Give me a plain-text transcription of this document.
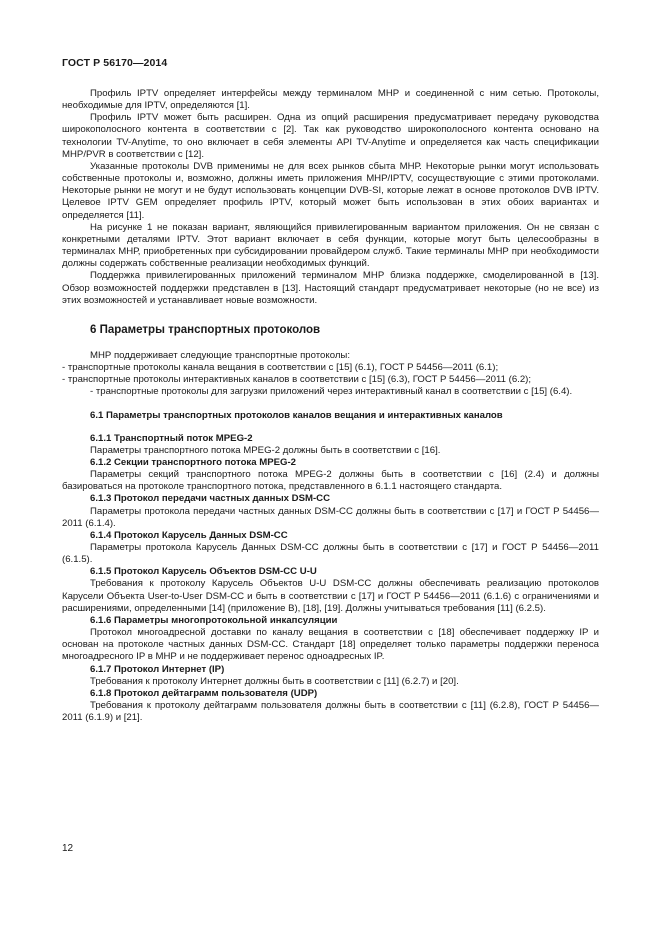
ГОСТ Р 56170—2014

Профиль IPTV определяет интерфейсы между терминалом МНР и соединенной с ним сетью. Протоколы, необходимые для IPTV, определяются [1].

Профиль IPTV может быть расширен. Одна из опций расширения предусматривает передачу руководства широкополосного контента в соответствии с [2]. Так как руководство широкополосного контента основано на технологии TV-Anytime, то оно включает в себя элементы API TV-Anytime и определяется как часть спецификации МНР/PVR в соответствии с [12].

Указанные протоколы DVB применимы не для всех рынков сбыта МНР. Некоторые рынки могут использовать собственные протоколы и, возможно, должны иметь приложения МНР/IPTV, сосуществующие с этими протоколами. Некоторые рынки не могут и не будут использовать концепции DVB-SI, которые лежат в основе протоколов DVB IPTV. Целевое IPTV GEM определяет профиль IPTV, который может быть использован в этих обоих вариантах и определяется [11].

На рисунке 1 не показан вариант, являющийся привилегированным вариантом приложения. Он не связан с конкретными деталями IPTV. Этот вариант включает в себя функции, которые могут быть целесообразны в терминалах МНР, приобретенных при субсидировании провайдером служб. Такие терминалы МНР при необходимости должны содержать собственные реализации необходимых функций.

Поддержка привилегированных приложений терминалом МНР близка поддержке, смоделированной в [13]. Обзор возможностей поддержки представлен в [13]. Настоящий стандарт предусматривает некоторые (но не все) из этих возможностей и устанавливает новые возможности.

6 Параметры транспортных протоколов

МНР поддерживает следующие транспортные протоколы:

- транспортные протоколы канала вещания в соответствии с [15] (6.1), ГОСТ Р 54456—2011 (6.1);

- транспортные протоколы интерактивных каналов в соответствии с [15] (6.3), ГОСТ Р 54456—2011 (6.2);

- транспортные протоколы для загрузки приложений через интерактивный канал в соответствии с [15] (6.4).

6.1 Параметры транспортных протоколов каналов вещания и интерактивных каналов
6.1.1 Транспортный поток MPEG-2

Параметры транспортного потока MPEG-2 должны быть в соответствии с [16].

6.1.2 Секции транспортного потока MPEG-2

Параметры секций транспортного потока MPEG-2 должны быть в соответствии с [16] (2.4) и должны базироваться на протоколе транспортного потока, представленного в 6.1.1 настоящего стандарта.

6.1.3 Протокол передачи частных данных DSM-CC

Параметры протокола передачи частных данных DSM-CC должны быть в соответствии с [17] и ГОСТ Р 54456—2011 (6.1.4).

6.1.4 Протокол Карусель Данных DSM-CC

Параметры протокола Карусель Данных DSM-CC должны быть в соответствии с [17] и ГОСТ Р 54456—2011 (6.1.5).

6.1.5 Протокол Карусель Объектов DSM-CC U-U

Требования к протоколу Карусель Объектов U-U DSM-CC должны обеспечивать реализацию протоколов Карусели Объекта User-to-User DSM-CC и быть в соответствии с [17] и ГОСТ Р 54456—2011 (6.1.6) с ограничениями и расширениями, определенными [14] (приложение В), [18], [19]. Должны учитываться требования [11] (6.2.5).

6.1.6 Параметры многопротокольной инкапсуляции

Протокол многоадресной доставки по каналу вещания в соответствии с [18] обеспечивает поддержку IP и основан на протоколе частных данных DSM-CC. Стандарт [18] определяет только параметры поддержки переноса многоадресного IP в МНР и не поддерживает перенос одноадресных IP.

6.1.7 Протокол Интернет (IP)

Требования к протоколу Интернет должны быть в соответствии с [11] (6.2.7) и [20].

6.1.8 Протокол дейтаграмм пользователя (UDP)

Требования к протоколу дейтаграмм пользователя должны быть в соответствии с [11] (6.2.8), ГОСТ Р 54456—2011 (6.1.9) и [21].

12
